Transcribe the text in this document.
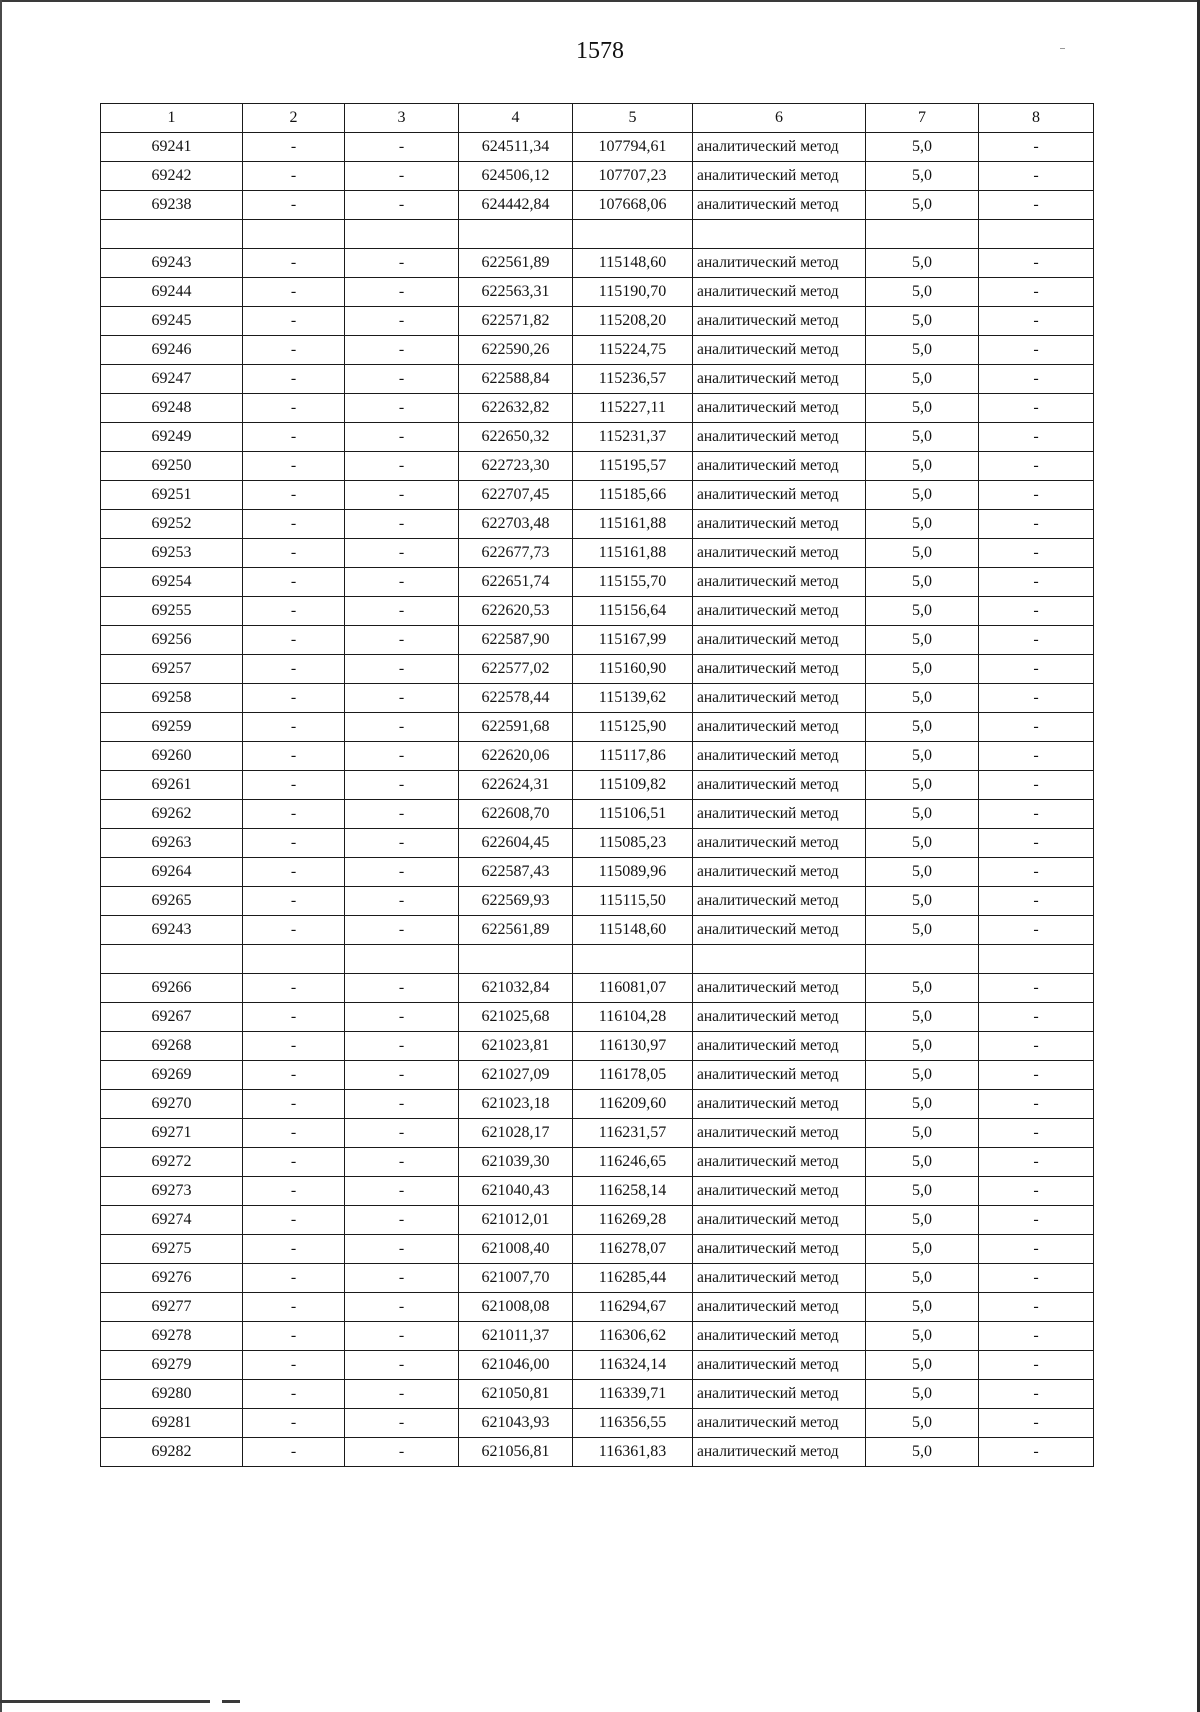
1578
1	2	3	4	5	6	7	8
69241	-	-	624511,34	107794,61	аналитический метод	5,0	-
69242	-	-	624506,12	107707,23	аналитический метод	5,0	-
69238	-	-	624442,84	107668,06	аналитический метод	5,0	-

69243	-	-	622561,89	115148,60	аналитический метод	5,0	-
69244	-	-	622563,31	115190,70	аналитический метод	5,0	-
69245	-	-	622571,82	115208,20	аналитический метод	5,0	-
69246	-	-	622590,26	115224,75	аналитический метод	5,0	-
69247	-	-	622588,84	115236,57	аналитический метод	5,0	-
69248	-	-	622632,82	115227,11	аналитический метод	5,0	-
69249	-	-	622650,32	115231,37	аналитический метод	5,0	-
69250	-	-	622723,30	115195,57	аналитический метод	5,0	-
69251	-	-	622707,45	115185,66	аналитический метод	5,0	-
69252	-	-	622703,48	115161,88	аналитический метод	5,0	-
69253	-	-	622677,73	115161,88	аналитический метод	5,0	-
69254	-	-	622651,74	115155,70	аналитический метод	5,0	-
69255	-	-	622620,53	115156,64	аналитический метод	5,0	-
69256	-	-	622587,90	115167,99	аналитический метод	5,0	-
69257	-	-	622577,02	115160,90	аналитический метод	5,0	-
69258	-	-	622578,44	115139,62	аналитический метод	5,0	-
69259	-	-	622591,68	115125,90	аналитический метод	5,0	-
69260	-	-	622620,06	115117,86	аналитический метод	5,0	-
69261	-	-	622624,31	115109,82	аналитический метод	5,0	-
69262	-	-	622608,70	115106,51	аналитический метод	5,0	-
69263	-	-	622604,45	115085,23	аналитический метод	5,0	-
69264	-	-	622587,43	115089,96	аналитический метод	5,0	-
69265	-	-	622569,93	115115,50	аналитический метод	5,0	-
69243	-	-	622561,89	115148,60	аналитический метод	5,0	-

69266	-	-	621032,84	116081,07	аналитический метод	5,0	-
69267	-	-	621025,68	116104,28	аналитический метод	5,0	-
69268	-	-	621023,81	116130,97	аналитический метод	5,0	-
69269	-	-	621027,09	116178,05	аналитический метод	5,0	-
69270	-	-	621023,18	116209,60	аналитический метод	5,0	-
69271	-	-	621028,17	116231,57	аналитический метод	5,0	-
69272	-	-	621039,30	116246,65	аналитический метод	5,0	-
69273	-	-	621040,43	116258,14	аналитический метод	5,0	-
69274	-	-	621012,01	116269,28	аналитический метод	5,0	-
69275	-	-	621008,40	116278,07	аналитический метод	5,0	-
69276	-	-	621007,70	116285,44	аналитический метод	5,0	-
69277	-	-	621008,08	116294,67	аналитический метод	5,0	-
69278	-	-	621011,37	116306,62	аналитический метод	5,0	-
69279	-	-	621046,00	116324,14	аналитический метод	5,0	-
69280	-	-	621050,81	116339,71	аналитический метод	5,0	-
69281	-	-	621043,93	116356,55	аналитический метод	5,0	-
69282	-	-	621056,81	116361,83	аналитический метод	5,0	-
